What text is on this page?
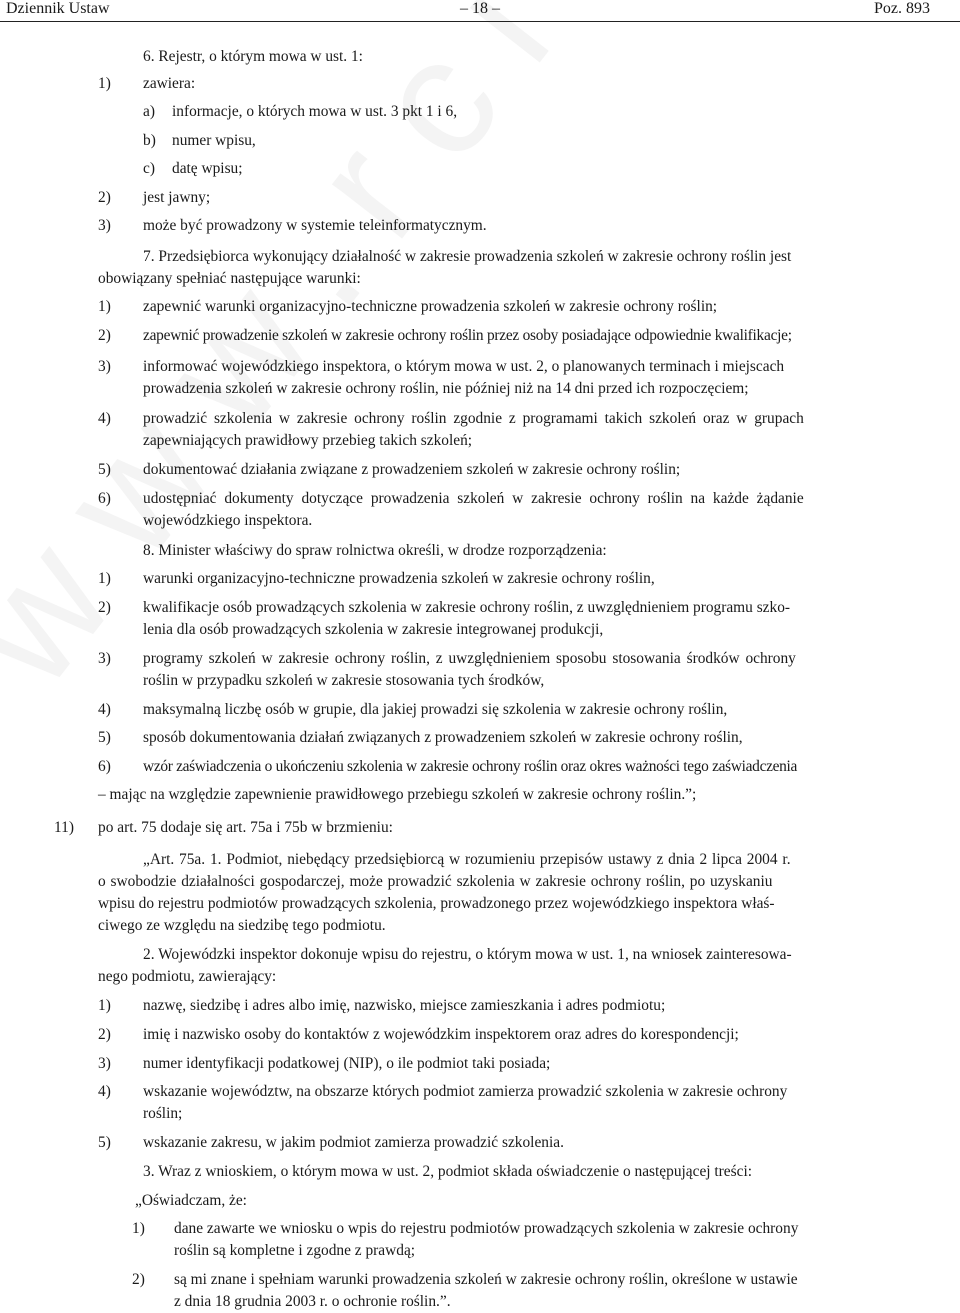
Dziennik Ustaw	– 18 –	Poz. 893
6. Rejestr, o którym mowa w ust. 1:
1) zawiera:
a) informacje, o których mowa w ust. 3 pkt 1 i 6,
b) numer wpisu,
c) datę wpisu;
2) jest jawny;
3) może być prowadzony w systemie teleinformatycznym.
7. Przedsiębiorca wykonujący działalność w zakresie prowadzenia szkoleń w zakresie ochrony roślin jest
obowiązany spełniać następujące warunki:
1) zapewnić warunki organizacyjno-techniczne prowadzenia szkoleń w zakresie ochrony roślin;
2) zapewnić prowadzenie szkoleń w zakresie ochrony roślin przez osoby posiadające odpowiednie kwalifikacje;
3) informować wojewódzkiego inspektora, o którym mowa w ust. 2, o planowanych terminach i miejscach
prowadzenia szkoleń w zakresie ochrony roślin, nie później niż na 14 dni przed ich rozpoczęciem;
4) prowadzić szkolenia w zakresie ochrony roślin zgodnie z programami takich szkoleń oraz w grupach
zapewniających prawidłowy przebieg takich szkoleń;
5) dokumentować działania związane z prowadzeniem szkoleń w zakresie ochrony roślin;
6) udostępniać dokumenty dotyczące prowadzenia szkoleń w zakresie ochrony roślin na każde żądanie
wojewódzkiego inspektora.
8. Minister właściwy do spraw rolnictwa określi, w drodze rozporządzenia:
1) warunki organizacyjno-techniczne prowadzenia szkoleń w zakresie ochrony roślin,
2) kwalifikacje osób prowadzących szkolenia w zakresie ochrony roślin, z uwzględnieniem programu szko-
lenia dla osób prowadzących szkolenia w zakresie integrowanej produkcji,
3) programy szkoleń w zakresie ochrony roślin, z uwzględnieniem sposobu stosowania środków ochrony
roślin w przypadku szkoleń w zakresie stosowania tych środków,
4) maksymalną liczbę osób w grupie, dla jakiej prowadzi się szkolenia w zakresie ochrony roślin,
5) sposób dokumentowania działań związanych z prowadzeniem szkoleń w zakresie ochrony roślin,
6) wzór zaświadczenia o ukończeniu szkolenia w zakresie ochrony roślin oraz okres ważności tego zaświadczenia
– mając na względzie zapewnienie prawidłowego przebiegu szkoleń w zakresie ochrony roślin.”;
11) po art. 75 dodaje się art. 75a i 75b w brzmieniu:
„Art. 75a. 1. Podmiot, niebędący przedsiębiorcą w rozumieniu przepisów ustawy z dnia 2 lipca 2004 r.
o swobodzie działalności gospodarczej, może prowadzić szkolenia w zakresie ochrony roślin, po uzyskaniu
wpisu do rejestru podmiotów prowadzących szkolenia, prowadzonego przez wojewódzkiego inspektora właś-
ciwego ze względu na siedzibę tego podmiotu.
2. Wojewódzki inspektor dokonuje wpisu do rejestru, o którym mowa w ust. 1, na wniosek zainteresowa-
nego podmiotu, zawierający:
1) nazwę, siedzibę i adres albo imię, nazwisko, miejsce zamieszkania i adres podmiotu;
2) imię i nazwisko osoby do kontaktów z wojewódzkim inspektorem oraz adres do korespondencji;
3) numer identyfikacji podatkowej (NIP), o ile podmiot taki posiada;
4) wskazanie województw, na obszarze których podmiot zamierza prowadzić szkolenia w zakresie ochrony
roślin;
5) wskazanie zakresu, w jakim podmiot zamierza prowadzić szkolenia.
3. Wraz z wnioskiem, o którym mowa w ust. 2, podmiot składa oświadczenie o następującej treści:
„Oświadczam, że:
1) dane zawarte we wniosku o wpis do rejestru podmiotów prowadzących szkolenia w zakresie ochrony
roślin są kompletne i zgodne z prawdą;
2) są mi znane i spełniam warunki prowadzenia szkoleń w zakresie ochrony roślin, określone w ustawie
z dnia 18 grudnia 2003 r. o ochronie roślin.”.
